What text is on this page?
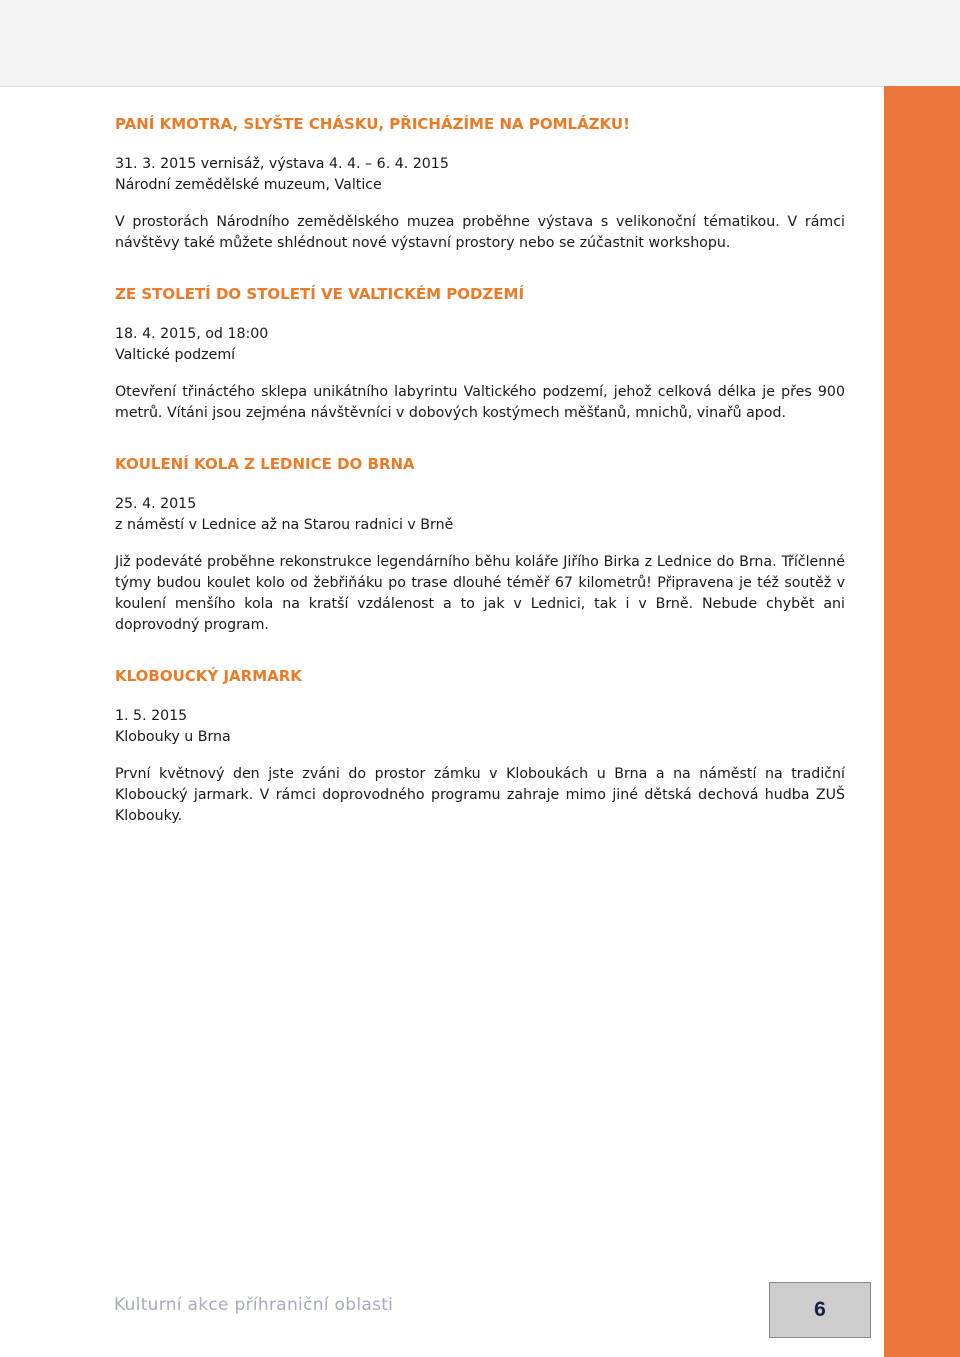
PANÍ KMOTRA, SLYŠTE CHÁSKU, PŘICHÁZÍME NA POMLÁZKU!

31. 3. 2015 vernisáž, výstava 4. 4. – 6. 4. 2015

Národní zemědělské muzeum, Valtice

V prostorách Národního zemědělského muzea proběhne výstava s velikonoční tématikou. V rámci návštěvy také můžete shlédnout nové výstavní prostory nebo se zúčastnit workshopu.

ZE STOLETÍ DO STOLETÍ VE VALTICKÉM PODZEMÍ

18. 4. 2015, od 18:00

Valtické podzemí

Otevření třináctého sklepa unikátního labyrintu Valtického podzemí, jehož celková délka je přes 900 metrů. Vítáni jsou zejména návštěvníci v dobových kostýmech měšťanů, mnichů, vinařů apod.

KOULENÍ KOLA Z LEDNICE DO BRNA

25. 4. 2015

z náměstí v Lednice až na Starou radnici v Brně

Již podeváté proběhne rekonstrukce legendárního běhu koláře Jiřího Birka z Lednice do Brna. Tříčlenné týmy budou koulet kolo od žebřiňáku po trase dlouhé téměř 67 kilometrů! Připravena je též soutěž v koulení menšího kola na kratší vzdálenost a to jak v Lednici, tak i v Brně. Nebude chybět ani doprovodný program.

KLOBOUCKÝ JARMARK

1. 5. 2015

Klobouky u Brna

První květnový den jste zváni do prostor zámku v Kloboukách u Brna a na náměstí na tradiční Kloboucký jarmark. V rámci doprovodného programu zahraje mimo jiné dětská dechová hudba ZUŠ Klobouky.

Kulturní akce příhraniční oblasti	6
